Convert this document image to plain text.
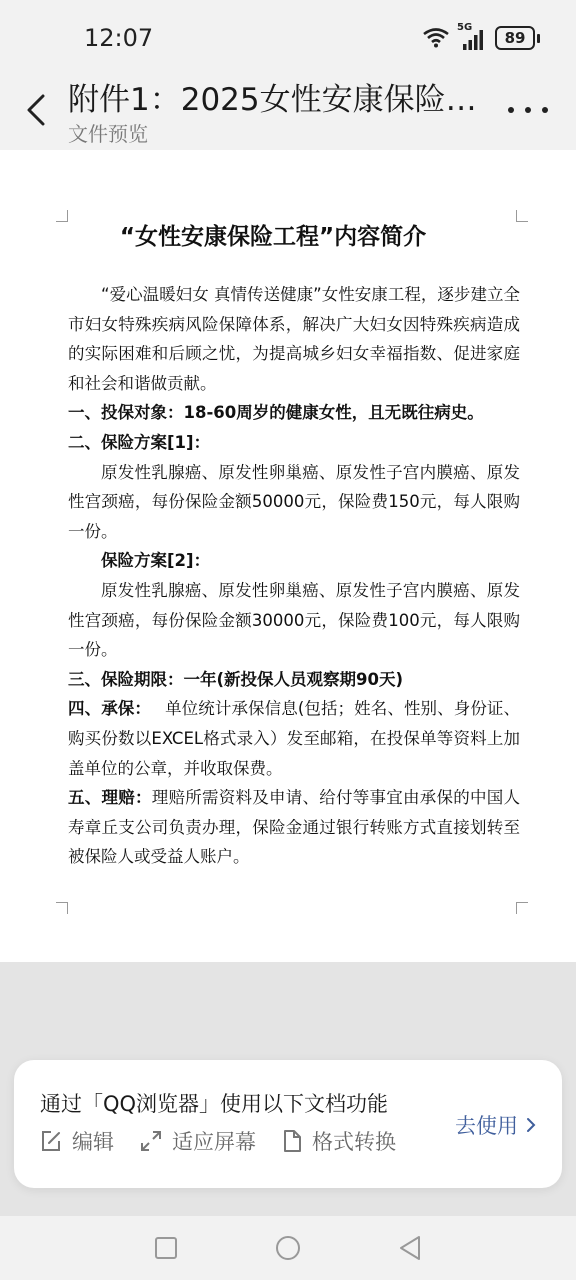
12:07	5G
89
附件1：2025女性安康保险…
文件预览
“女性安康保险工程”内容简介

“爱心温暖妇女 真情传送健康”女性安康工程，逐步建立全市妇女特殊疾病风险保障体系，解决广大妇女因特殊疾病造成的实际困难和后顾之忧，为提高城乡妇女幸福指数、促进家庭和社会和谐做贡献。

一、投保对象：18-60周岁的健康女性，且无既往病史。

二、保险方案[1]：

原发性乳腺癌、原发性卵巢癌、原发性子宫内膜癌、原发性宫颈癌，每份保险金额50000元，保险费150元，每人限购一份。

保险方案[2]：

原发性乳腺癌、原发性卵巢癌、原发性子宫内膜癌、原发性宫颈癌，每份保险金额30000元，保险费100元，每人限购一份。

三、保险期限：一年(新投保人员观察期90天)

四、承保： 单位统计承保信息(包括；姓名、性别、身份证、购买份数以EXCEL格式录入）发至邮箱，在投保单等资料上加盖单位的公章，并收取保费。

五、理赔：理赔所需资料及申请、给付等事宜由承保的中国人寿章丘支公司负责办理，保险金通过银行转账方式直接划转至被保险人或受益人账户。

通过「QQ浏览器」使用以下文档功能
编辑	适应屏幕	格式转换
去使用
